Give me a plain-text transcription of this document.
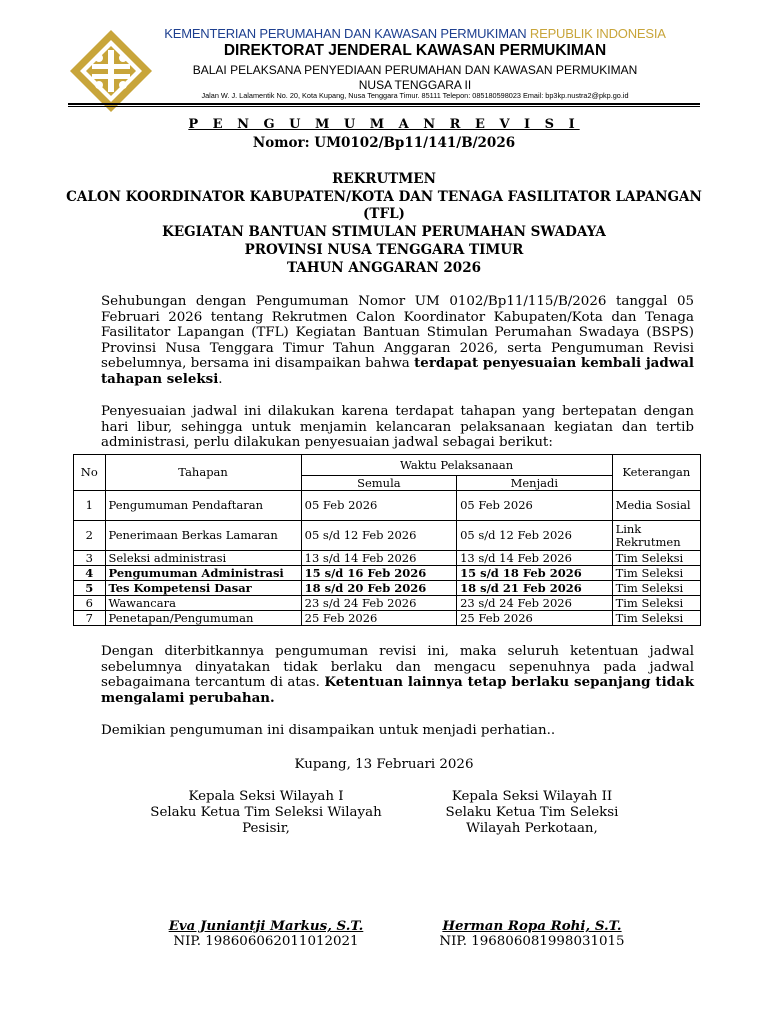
KEMENTERIAN PERUMAHAN DAN KAWASAN PERMUKIMAN REPUBLIK INDONESIA
DIREKTORAT JENDERAL KAWASAN PERMUKIMAN
BALAI PELAKSANA PENYEDIAAN PERUMAHAN DAN KAWASAN PERMUKIMAN
NUSA TENGGARA II
Jalan W. J. Lalamentik No. 20, Kota Kupang, Nusa Tenggara Timur. 85111 Telepon: 085180598023 Email: bp3kp.nustra2@pkp.go.id
P E N G U M U M A N R E V I S I
Nomor: UM0102/Bp11/141/B/2026
REKRUTMEN
CALON KOORDINATOR KABUPATEN/KOTA DAN TENAGA FASILITATOR LAPANGAN
(TFL)
KEGIATAN BANTUAN STIMULAN PERUMAHAN SWADAYA
PROVINSI NUSA TENGGARA TIMUR
TAHUN ANGGARAN 2026
Sehubungan dengan Pengumuman Nomor UM 0102/Bp11/115/B/2026 tanggal 05 Februari 2026 tentang Rekrutmen Calon Koordinator Kabupaten/Kota dan Tenaga Fasilitator Lapangan (TFL) Kegiatan Bantuan Stimulan Perumahan Swadaya (BSPS) Provinsi Nusa Tenggara Timur Tahun Anggaran 2026, serta Pengumuman Revisi sebelumnya, bersama ini disampaikan bahwa terdapat penyesuaian kembali jadwal tahapan seleksi.
Penyesuaian jadwal ini dilakukan karena terdapat tahapan yang bertepatan dengan hari libur, sehingga untuk menjamin kelancaran pelaksanaan kegiatan dan tertib administrasi, perlu dilakukan penyesuaian jadwal sebagai berikut:
No	Tahapan	Waktu Pelaksanaan		Keterangan
		Semula	Menjadi	
1	Pengumuman Pendaftaran	05 Feb 2026	05 Feb 2026	Media Sosial
2	Penerimaan Berkas Lamaran	05 s/d 12 Feb 2026	05 s/d 12 Feb 2026	Link Rekrutmen
3	Seleksi administrasi	13 s/d 14 Feb 2026	13 s/d 14 Feb 2026	Tim Seleksi
4	Pengumuman Administrasi	15 s/d 16 Feb 2026	15 s/d 18 Feb 2026	Tim Seleksi
5	Tes Kompetensi Dasar	18 s/d 20 Feb 2026	18 s/d 21 Feb 2026	Tim Seleksi
6	Wawancara	23 s/d 24 Feb 2026	23 s/d 24 Feb 2026	Tim Seleksi
7	Penetapan/Pengumuman	25 Feb 2026	25 Feb 2026	Tim Seleksi
Dengan diterbitkannya pengumuman revisi ini, maka seluruh ketentuan jadwal sebelumnya dinyatakan tidak berlaku dan mengacu sepenuhnya pada jadwal sebagaimana tercantum di atas. Ketentuan lainnya tetap berlaku sepanjang tidak mengalami perubahan.
Demikian pengumuman ini disampaikan untuk menjadi perhatian..
Kupang, 13 Februari 2026
Kepala Seksi Wilayah I
Selaku Ketua Tim Seleksi Wilayah
Pesisir,
Eva Juniantji Markus, S.T.
NIP. 198606062011012021
Kepala Seksi Wilayah II
Selaku Ketua Tim Seleksi
Wilayah Perkotaan,
Herman Ropa Rohi, S.T.
NIP. 196806081998031015
